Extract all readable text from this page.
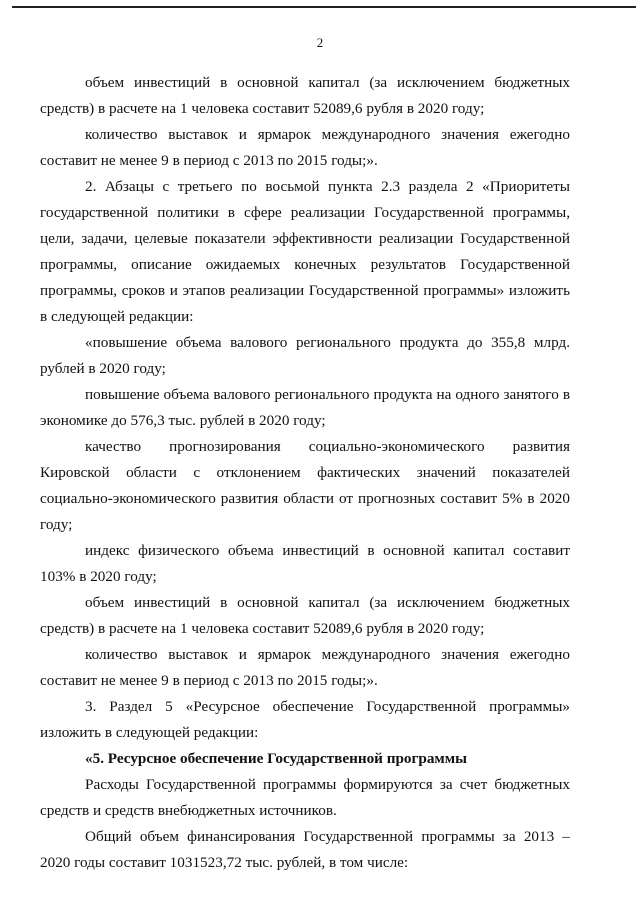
2

объем инвестиций в основной капитал (за исключением бюджетных средств) в расчете на 1 человека составит 52089,6 рубля в 2020 году;

количество выставок и ярмарок международного значения ежегодно составит не менее 9 в период с 2013 по 2015 годы;».

2. Абзацы с третьего по восьмой пункта 2.3 раздела 2 «Приоритеты государственной политики в сфере реализации Государственной программы, цели, задачи, целевые показатели эффективности реализации Государственной программы, описание ожидаемых конечных результатов Государственной программы, сроков и этапов реализации Государственной программы» изложить в следующей редакции:

«повышение объема валового регионального продукта до 355,8 млрд. рублей в 2020 году;

повышение объема валового регионального продукта на одного занятого в экономике до 576,3 тыс. рублей в 2020 году;

качество прогнозирования социально-экономического развития Кировской области с отклонением фактических значений показателей социально-экономического развития области от прогнозных составит 5% в 2020 году;

индекс физического объема инвестиций в основной капитал составит 103% в 2020 году;

объем инвестиций в основной капитал (за исключением бюджетных средств) в расчете на 1 человека составит 52089,6 рубля в 2020 году;

количество выставок и ярмарок международного значения ежегодно составит не менее 9 в период с 2013 по 2015 годы;».

3. Раздел 5 «Ресурсное обеспечение Государственной программы» изложить в следующей редакции:

«5. Ресурсное обеспечение Государственной программы

Расходы Государственной программы формируются за счет бюджетных средств и средств внебюджетных источников.

Общий объем финансирования Государственной программы за 2013 – 2020 годы составит 1031523,72 тыс. рублей, в том числе:
